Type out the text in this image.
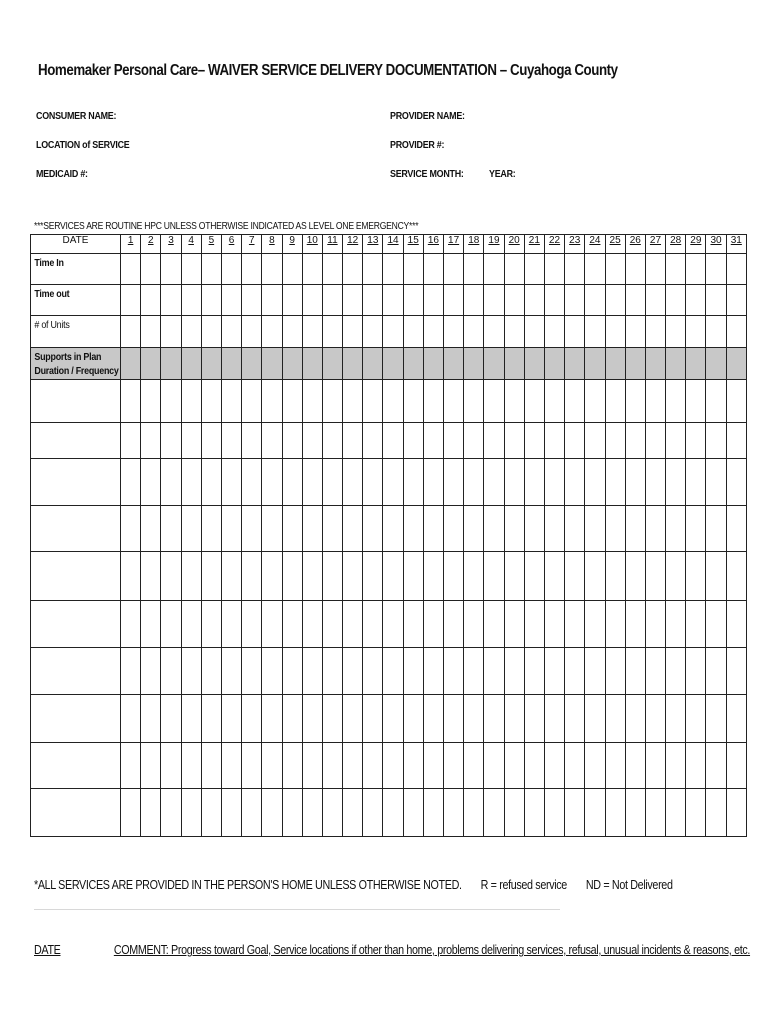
Homemaker Personal Care– WAIVER SERVICE DELIVERY DOCUMENTATION – Cuyahoga County
CONSUMER NAME:	PROVIDER NAME:
LOCATION of SERVICE	PROVIDER #:
MEDICAID #:	SERVICE MONTH: YEAR:
***SERVICES ARE ROUTINE HPC UNLESS OTHERWISE INDICATED AS LEVEL ONE EMERGENCY***
DATE	1	2	3	4	5	6	7	8	9	10	11	12	13	14	15	16	17	18	19	20	21	22	23	24	25	26	27	28	29	30	31

Time In																															

Time out																															

# of Units																															

Supports in Plan
Duration / Frequency																															

*ALL SERVICES ARE PROVIDED IN THE PERSON'S HOME UNLESS OTHERWISE NOTED. R = refused service ND = Not Delivered
DATE	COMMENT: Progress toward Goal, Service locations if other than home, problems delivering services, refusal, unusual incidents & reasons, etc.
